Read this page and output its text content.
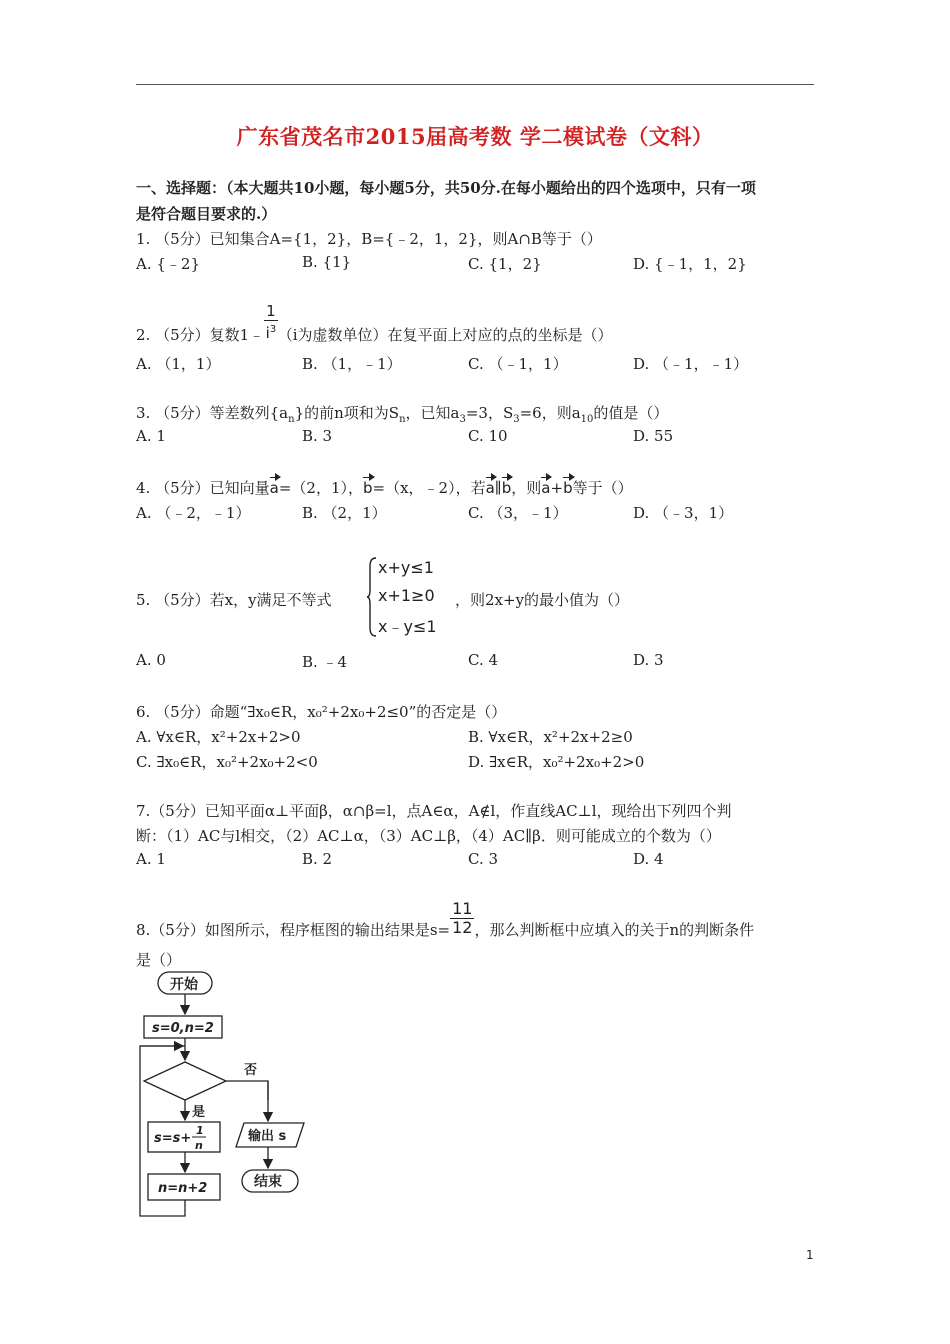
广东省茂名市2015届高考数 学二模试卷（文科）
一、选择题：（本大题共10小题，每小题5分，共50分.在每小题给出的四个选项中，只有一项
是符合题目要求的.）
1. （5分）已知集合A={1，2}，B={﹣2，1，2}，则A∩B等于（）
A. {﹣2}	B. {1}	C. {1，2}	D. {﹣1，1，2}
2. （5分）复数1﹣ $\frac{1}{i^3} (i$为虚数单位）在复平面上对应的点的坐标是（）
A. （1，1）	B. （1，﹣1）	C. （﹣1，1）	D. （﹣1，﹣1）
3. （5分）等差数列$\{a_n\}$的前n项和为$S_n$，已知$a_3=3$，$S_3=6$，则$a_{10}$的值是（）
A. 1	B. 3	C. 10	D. 55
4. （5分）已知向量a=（2，1），b=（x，﹣2），若a∥b，则a+b等于（）
A. （﹣2，﹣1）	B. （2，1）	C. （3，﹣1）	D. （﹣3，1）
5. （5分）若x，y满足不等式
x+y≤1
x+1≥0
x﹣y≤1
，则2x+y的最小值为（）
A. 0	B. ﹣4	C. 4	D. 3
6. （5分）命题“∃x₀∈R，x₀²+2x₀+2≤0”的否定是（）
A. ∀x∈R，x²+2x+2>0	B. ∀x∈R，x²+2x+2≥0
C. ∃x₀∈R，x₀²+2x₀+2<0	D. ∃x∈R，x₀²+2x₀+2>0
7.（5分）已知平面α⊥平面β，α∩β=l，点A∈α，A∉l，作直线AC⊥l，现给出下列四个判
断：（1）AC与l相交，（2）AC⊥α，（3）AC⊥β，（4）AC∥β．则可能成立的个数为（）
A. 1	B. 2	C. 3	D. 4
8.（5分）如图所示，程序框图的输出结果是$s= \frac{11}{12}$ ，那么判断框中应填入的关于n的判断条件
是（）
开始
s=0,n=2
否
是
s=s+
1
n
n=n+2
输出 s
结束
1
